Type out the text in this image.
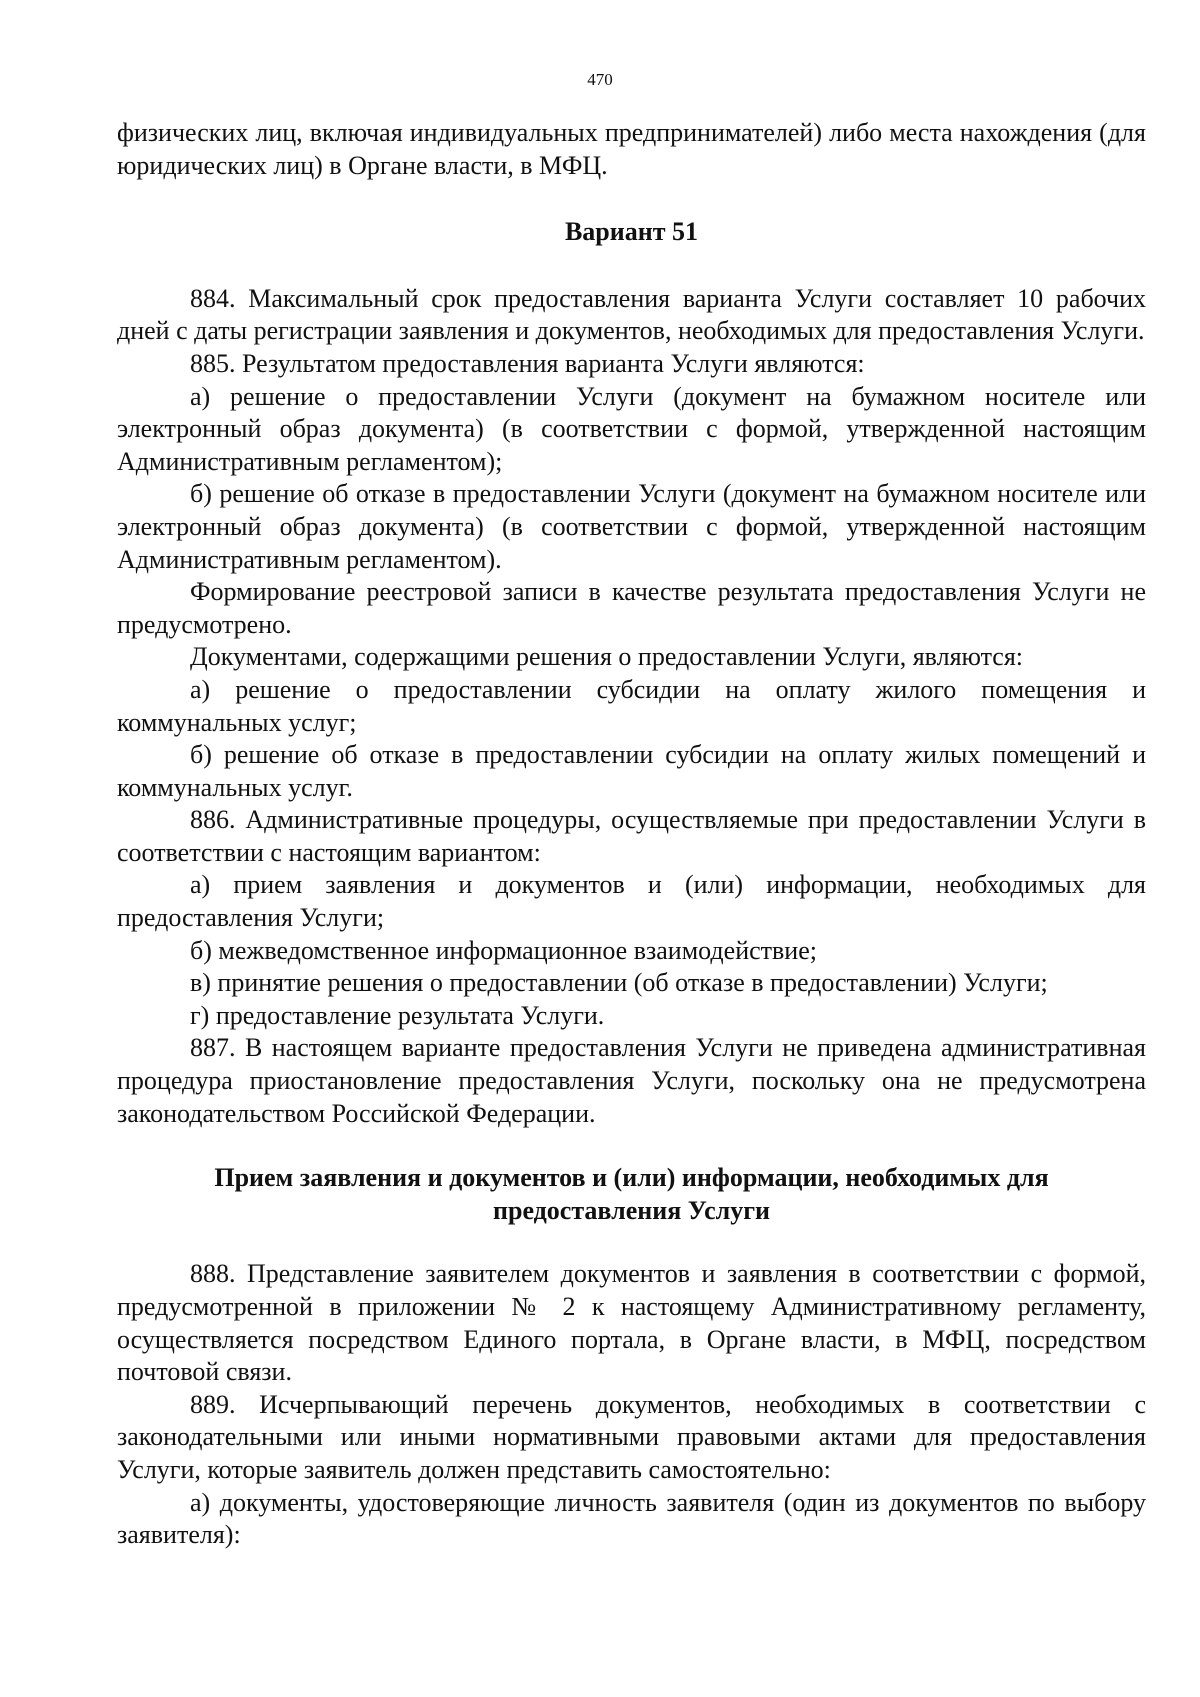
470

физических лиц, включая индивидуальных предпринимателей) либо места нахождения (для юридических лиц) в Органе власти, в МФЦ.

Вариант 51

884. Максимальный срок предоставления варианта Услуги составляет 10 рабочих дней с даты регистрации заявления и документов, необходимых для предоставления Услуги.

885. Результатом предоставления варианта Услуги являются:

а) решение о предоставлении Услуги (документ на бумажном носителе или электронный образ документа) (в соответствии с формой, утвержденной настоящим Административным регламентом);

б) решение об отказе в предоставлении Услуги (документ на бумажном носителе или электронный образ документа) (в соответствии с формой, утвержденной настоящим Административным регламентом).

Формирование реестровой записи в качестве результата предоставления Услуги не предусмотрено.

Документами, содержащими решения о предоставлении Услуги, являются:

а) решение о предоставлении субсидии на оплату жилого помещения и коммунальных услуг;

б) решение об отказе в предоставлении субсидии на оплату жилых помещений и коммунальных услуг.

886. Административные процедуры, осуществляемые при предоставлении Услуги в соответствии с настоящим вариантом:

а) прием заявления и документов и (или) информации, необходимых для предоставления Услуги;

б) межведомственное информационное взаимодействие;

в) принятие решения о предоставлении (об отказе в предоставлении) Услуги;

г) предоставление результата Услуги.

887. В настоящем варианте предоставления Услуги не приведена административная процедура приостановление предоставления Услуги, поскольку она не предусмотрена законодательством Российской Федерации.

Прием заявления и документов и (или) информации, необходимых для предоставления Услуги

888. Представление заявителем документов и заявления в соответствии с формой, предусмотренной в приложении № 2 к настоящему Административному регламенту, осуществляется посредством Единого портала, в Органе власти, в МФЦ, посредством почтовой связи.

889. Исчерпывающий перечень документов, необходимых в соответствии с законодательными или иными нормативными правовыми актами для предоставления Услуги, которые заявитель должен представить самостоятельно:

а) документы, удостоверяющие личность заявителя (один из документов по выбору заявителя):
